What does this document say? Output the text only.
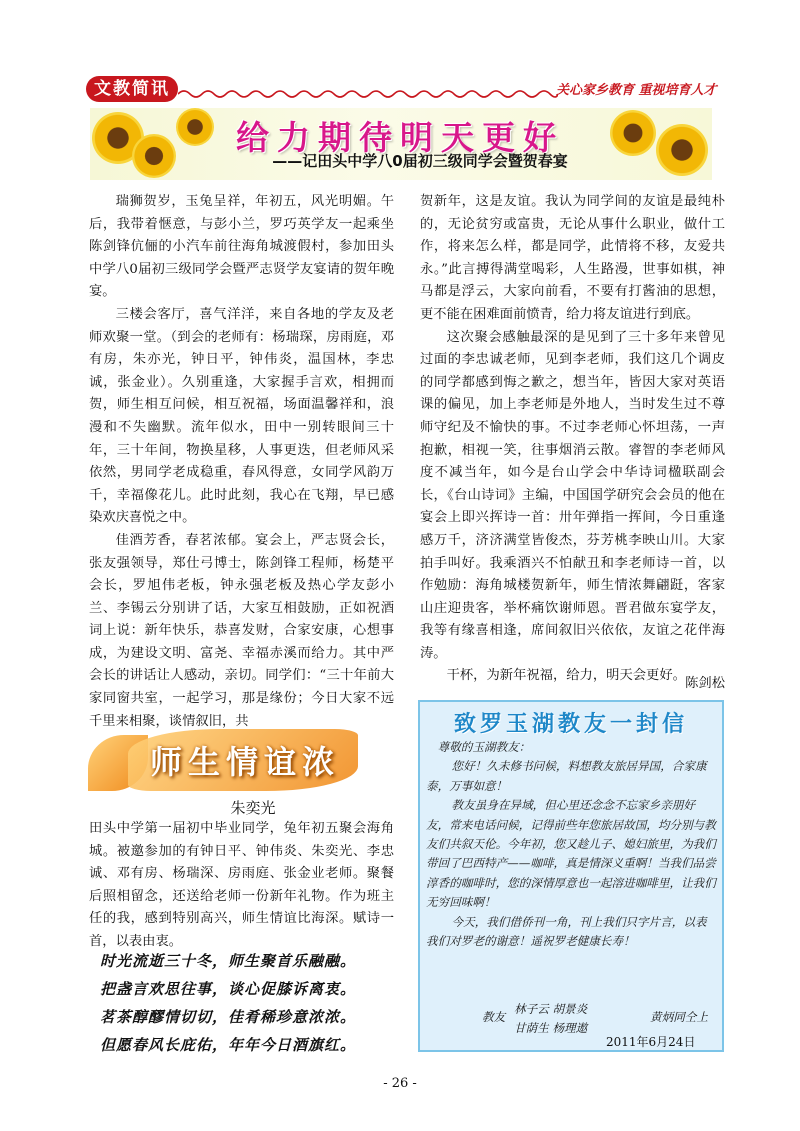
文教简讯	关心家乡教育 重视培育人才
给力期待明天更好
——记田头中学八0届初三级同学会暨贺春宴

瑞狮贺岁，玉兔呈祥，年初五，风光明媚。午后，我带着惬意，与彭小兰，罗巧英学友一起乘坐陈剑锋伉俪的小汽车前往海角城渡假村，参加田头中学八0届初三级同学会暨严志贤学友宴请的贺年晚宴。

三楼会客厅，喜气洋洋，来自各地的学友及老师欢聚一堂。（到会的老师有：杨瑞琛，房雨庭，邓有房，朱亦光，钟日平，钟伟炎，温国林，李忠诚，张金业）。久别重逢，大家握手言欢，相拥而贺，师生相互问候，相互祝福，场面温馨祥和，浪漫和不失幽默。流年似水，田中一别转眼间三十年，三十年间，物换星移，人事更迭，但老师风采依然，男同学老成稳重，春风得意，女同学风韵万千，幸福像花儿。此时此刻，我心在飞翔，早已感染欢庆喜悦之中。

佳酒芳香，春茗浓郁。宴会上，严志贤会长，张友强领导，郑仕弓博士，陈剑锋工程师，杨楚平会长，罗旭伟老板，钟永强老板及热心学友彭小兰、李锡云分别讲了话，大家互相鼓励，正如祝酒词上说：新年快乐，恭喜发财，合家安康，心想事成，为建设文明、富尧、幸福赤溪而给力。其中严会长的讲话让人感动，亲切。同学们：“三十年前大家同窗共室，一起学习，那是缘份；今日大家不远千里来相聚，谈情叙旧，共

贺新年，这是友谊。我认为同学间的友谊是最纯朴的，无论贫穷或富贵，无论从事什么职业，做什工作，将来怎么样，都是同学，此情将不移，友爱共永。”此言搏得满堂喝彩，人生路漫，世事如棋，神马都是浮云，大家向前看，不要有打酱油的思想，更不能在困难面前愤青，给力将友谊进行到底。

这次聚会感触最深的是见到了三十多年来曾见过面的李忠诚老师，见到李老师，我们这几个调皮的同学都感到悔之歉之，想当年，皆因大家对英语课的偏见，加上李老师是外地人，当时发生过不尊师守纪及不愉快的事。不过李老师心怀坦荡，一声抱歉，相视一笑，往事烟消云散。睿智的李老师风度不减当年，如今是台山学会中华诗词楹联副会长，《台山诗词》主编，中国国学研究会会员的他在宴会上即兴挥诗一首：卅年弹指一挥间，今日重逢感万千，济济满堂皆俊杰，芬芳桃李映山川。大家拍手叫好。我乘酒兴不怕献丑和李老师诗一首，以作勉励：海角城楼贺新年，师生情浓舞翩跹，客家山庄迎贵客，举杯痛饮谢师恩。晋君做东宴学友，我等有缘喜相逢，席间叙旧兴依依，友谊之花伴海涛。

干杯，为新年祝福，给力，明天会更好。

陈剑松
师生情谊浓
朱奕光

田头中学第一届初中毕业同学，兔年初五聚会海角城。被邀参加的有钟日平、钟伟炎、朱奕光、李忠诚、邓有房、杨瑞深、房雨庭、张金业老师。聚餐后照相留念，还送给老师一份新年礼物。作为班主任的我，感到特别高兴，师生情谊比海深。赋诗一首，以表由衷。

时光流逝三十冬，师生聚首乐融融。
把盏言欢思往事，谈心促膝诉离衷。
茗茶醇醪情切切，佳肴稀珍意浓浓。
但愿春风长庇佑，年年今日酒旗红。
致罗玉湖教友一封信

尊敬的玉湖教友：

您好！久未修书问候，料想教友旅居异国，合家康泰，万事如意！

教友虽身在异域，但心里还念念不忘家乡亲朋好友，常来电话问候，记得前些年您旅居故国，均分别与教友们共叙天伦。今年初，您又趁儿子、媳妇旅里，为我们带回了巴西特产——咖啡，真是情深义重啊！当我们品尝淳香的咖啡时，您的深情厚意也一起溶进咖啡里，让我们无穷回味啊！

今天，我们借侨刊一角，刊上我们只字片言，以表我们对罗老的谢意！遥祝罗老健康长寿！

教友
林子云 胡景炎
甘荫生 杨理遨
黄炳同仝上
2011年6月24日
- 26 -
